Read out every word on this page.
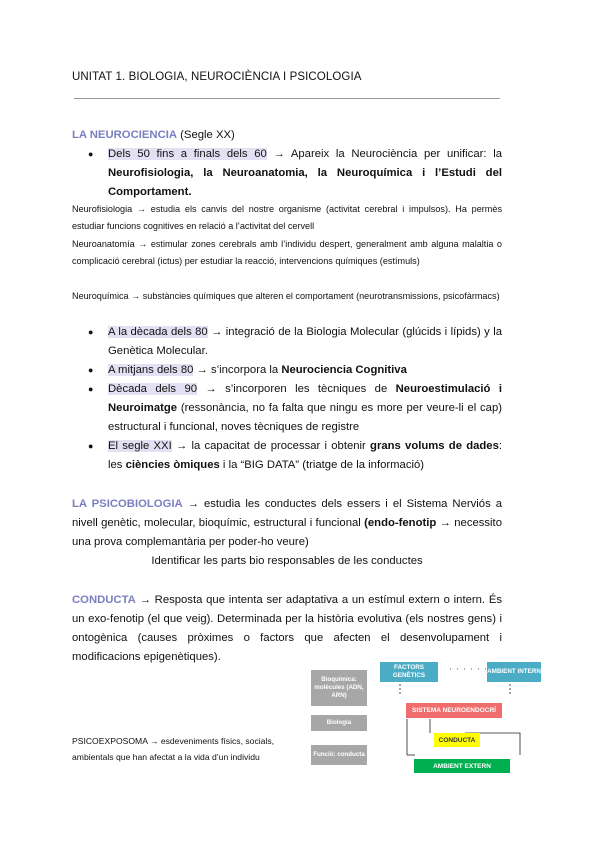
UNITAT 1. BIOLOGIA, NEUROCIÈNCIA I PSICOLOGIA
LA NEUROCIENCIA (Segle XX)
● Dels 50 fins a finals dels 60 → Apareix la Neurociència per unificar: la Neurofisiologia, la Neuroanatomia, la Neuroquímica i l’Estudi del Comportament.
Neurofisiologia → estudia els canvis del nostre organisme (activitat cerebral i impulsos). Ha permès estudiar funcions cognitives en relació a l’activitat del cervell
Neuroanatomía → estimular zones cerebrals amb l’individu despert, generalment amb alguna malaltia o complicació cerebral (ictus) per estudiar la reacció, intervencions químiques (estímuls)
Neuroquímica → substàncies químiques que alteren el comportament (neurotransmissions, psicofàrmacs)
● A la dècada dels 80 → integració de la Biologia Molecular (glúcids i lípids) y la Genètica Molecular.
● A mitjans dels 80 → s’incorpora la Neurociencia Cognitiva
● Dècada dels 90 → s’incorporen les tècniques de Neuroestimulació i Neuroimatge (ressonància, no fa falta que ningu es more per veure-li el cap) estructural i funcional, noves tècniques de registre
● El segle XXI → la capacitat de processar i obtenir grans volums de dades: les ciències òmiques i la “BIG DATA” (triatge de la informació)
LA PSICOBIOLOGIA → estudia les conductes dels essers i el Sistema Nerviós a nivell genètic, molecular, bioquímic, estructural i funcional (endo-fenotip → necessito una prova complemantària per poder-ho veure)
Identificar les parts bio responsables de les conductes
CONDUCTA → Resposta que intenta ser adaptativa a un estímul extern o intern. És un exo-fenotip (el que veig). Determinada per la història evolutiva (els nostres gens) i ontogènica (causes pròximes o factors que afecten el desenvolupament i modificacions epigenètiques).
PSICOEXPOSOMA → esdeveniments físics, socials, ambientals que han afectat a la vida d’un individu
Bioquímica: molècules (ADN, ARN)
Biologia
Funció: conducta
FACTORS GENÈTICS
AMBIENT INTERN
SISTEMA NEUROENDOCRÍ
CONDUCTA
AMBIENT EXTERN
